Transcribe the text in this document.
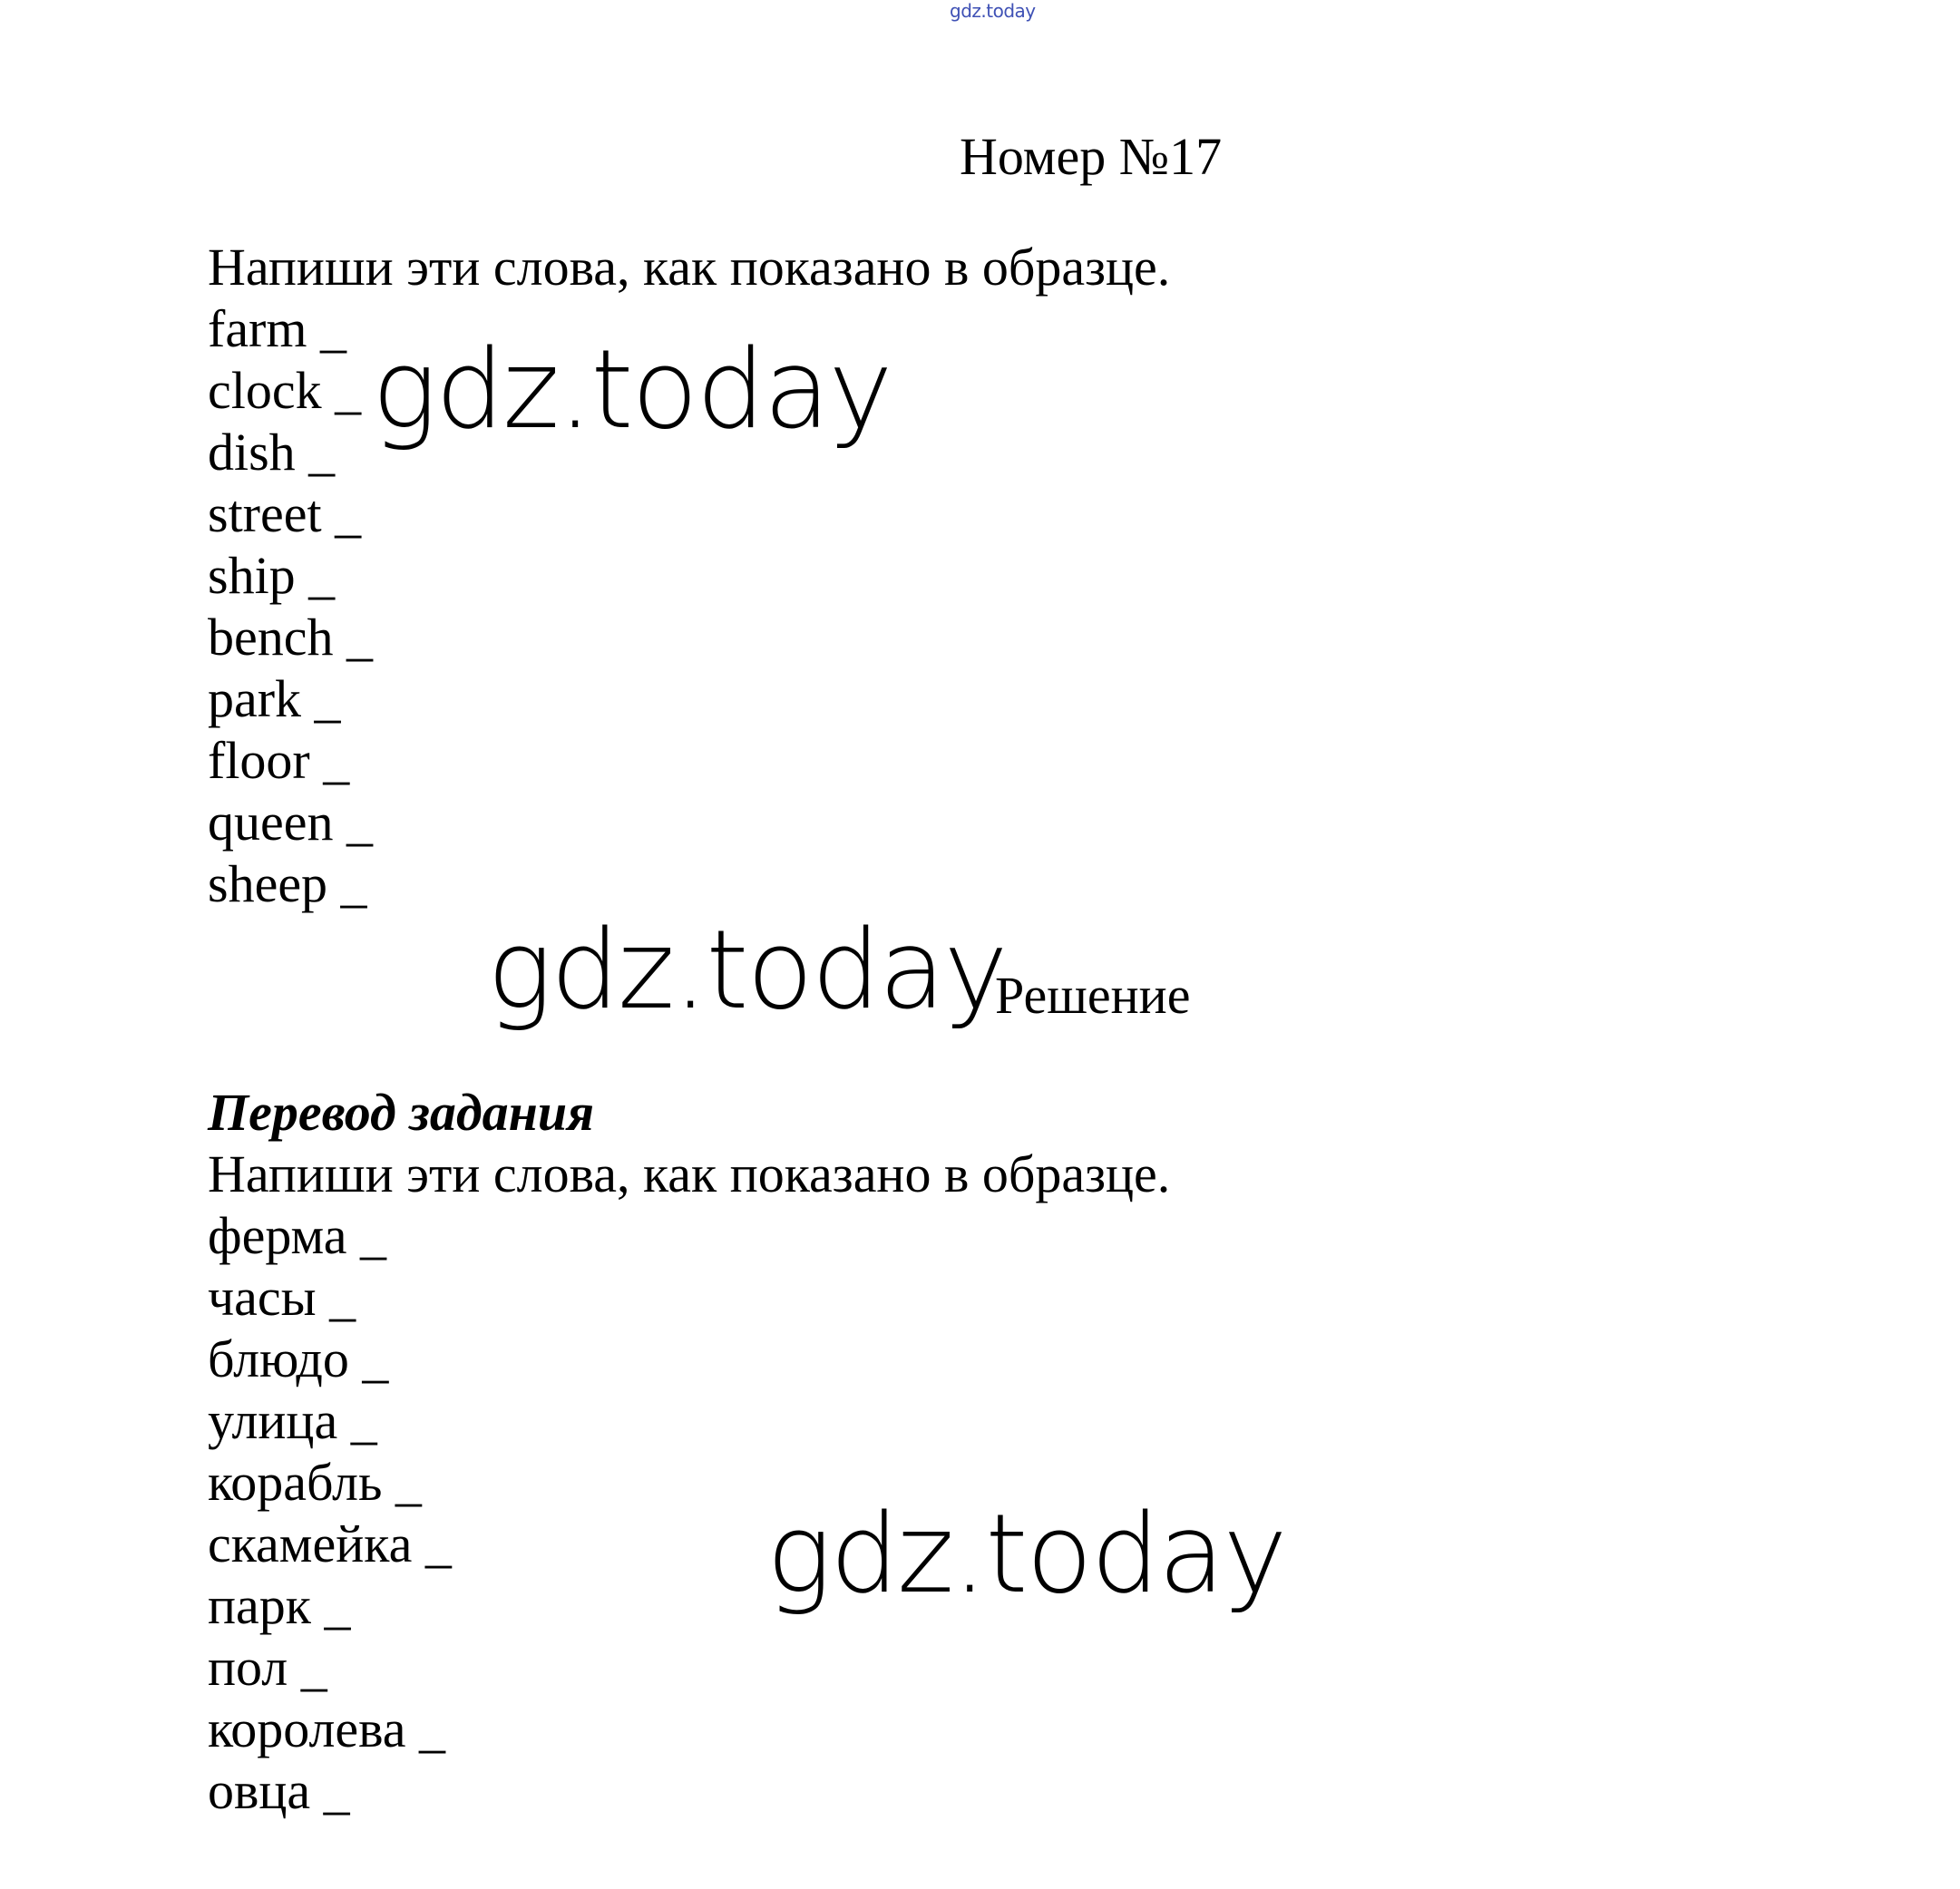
gdz.today
Номер №17
Напиши эти слова, как показано в образце.
farm _
clock _
dish _
street _
ship _
bench _
park _
floor _
queen _
sheep _
gdz.today
gdz.today
Решение
Перевод задания
Напиши эти слова, как показано в образце.
ферма _
часы _
блюдо _
улица _
корабль _
скамейка _
парк _
пол _
королева _
овца _
gdz.today
